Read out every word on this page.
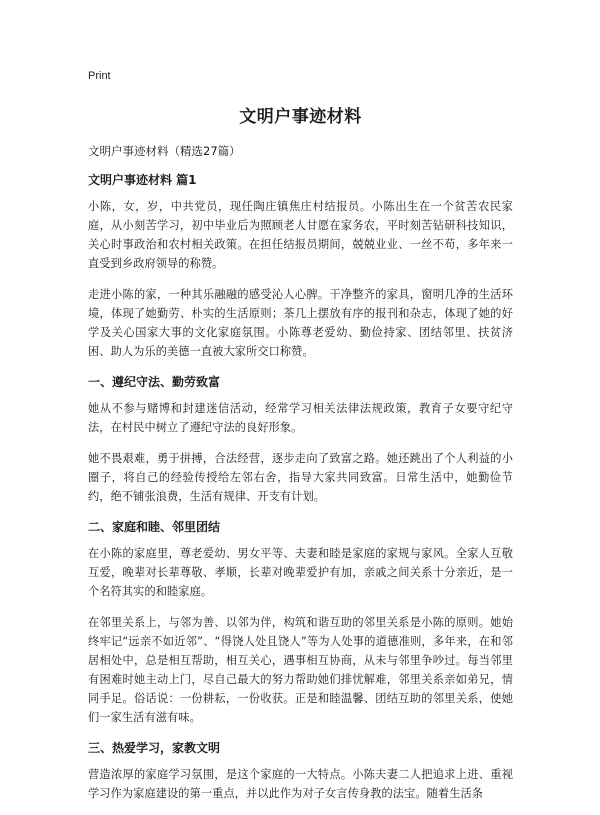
Print
文明户事迹材料

文明户事迹材料（精选27篇）

文明户事迹材料 篇1

小陈，女，岁，中共党员，现任陶庄镇焦庄村结报员。小陈出生在一个贫苦农民家庭，从小刻苦学习，初中毕业后为照顾老人甘愿在家务农，平时刻苦钻研科技知识，关心时事政治和农村相关政策。在担任结报员期间，兢兢业业、一丝不苟，多年来一直受到乡政府领导的称赞。

走进小陈的家，一种其乐融融的感受沁人心脾。干净整齐的家具，窗明几净的生活环境，体现了她勤劳、朴实的生活原则；茶几上摆放有序的报刊和杂志，体现了她的好学及关心国家大事的文化家庭氛围。小陈尊老爱幼、勤俭持家、团结邻里、扶贫济困、助人为乐的美德一直被大家所交口称赞。

一、遵纪守法、勤劳致富

她从不参与赌博和封建迷信活动，经常学习相关法律法规政策，教育子女要守纪守法，在村民中树立了遵纪守法的良好形象。

她不畏艰难，勇于拼搏，合法经营，逐步走向了致富之路。她还跳出了个人利益的小圈子，将自己的经验传授给左邻右舍，指导大家共同致富。日常生活中，她勤俭节约，绝不铺张浪费，生活有规律、开支有计划。

二、家庭和睦、邻里团结

在小陈的家庭里，尊老爱幼、男女平等、夫妻和睦是家庭的家规与家风。全家人互敬互爱，晚辈对长辈尊敬、孝顺，长辈对晚辈爱护有加，亲戚之间关系十分亲近，是一个名符其实的和睦家庭。

在邻里关系上，与邻为善、以邻为伴，构筑和谐互助的邻里关系是小陈的原则。她始终牢记“远亲不如近邻”、“得饶人处且饶人”等为人处事的道德准则，多年来，在和邻居相处中，总是相互帮助，相互关心，遇事相互协商，从未与邻里争吵过。每当邻里有困难时她主动上门，尽自己最大的努力帮助她们排忧解难，邻里关系亲如弟兄，情同手足。俗话说：一份耕耘，一份收获。正是和睦温馨、团结互助的邻里关系，使她们一家生活有滋有味。

三、热爱学习，家教文明

营造浓厚的家庭学习氛围，是这个家庭的一大特点。小陈夫妻二人把追求上进、重视学习作为家庭建设的第一重点，并以此作为对子女言传身教的法宝。随着生活条
